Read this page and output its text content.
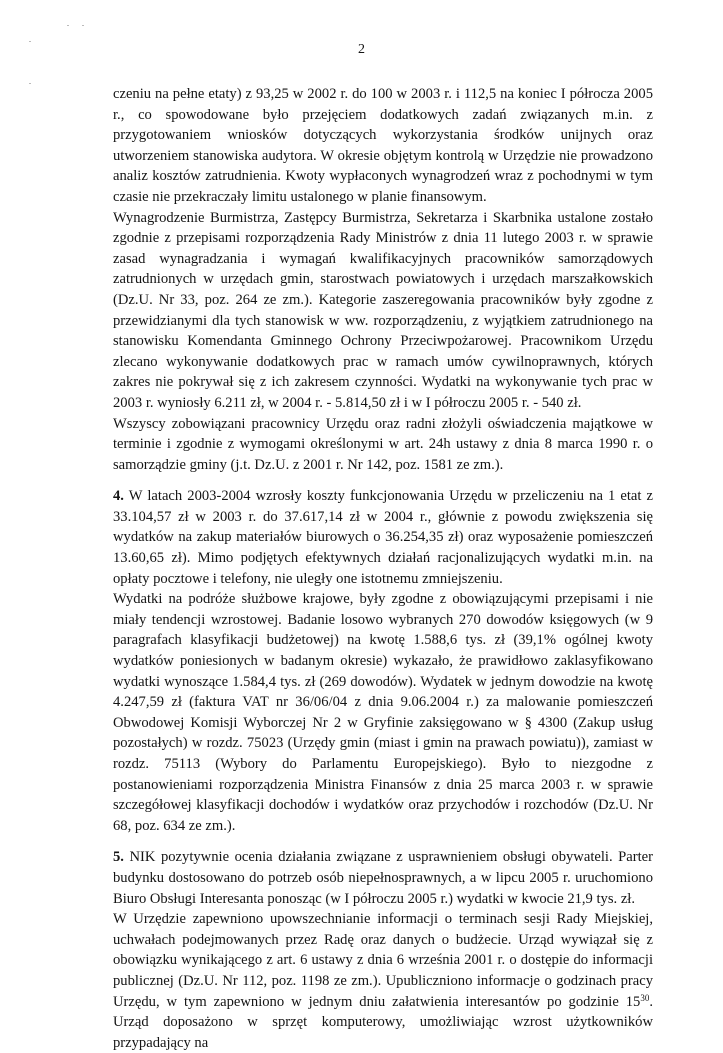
2

czeniu na pełne etaty) z 93,25 w 2002 r. do 100 w 2003 r. i 112,5 na koniec I półrocza 2005 r., co spowodowane było przejęciem dodatkowych zadań związanych m.in. z przygotowaniem wniosków dotyczących wykorzystania środków unijnych oraz utworzeniem stanowiska audytora. W okresie objętym kontrolą w Urzędzie nie prowadzono analiz kosztów zatrudnienia. Kwoty wypłaconych wynagrodzeń wraz z pochodnymi w tym czasie nie przekraczały limitu ustalonego w planie finansowym.

Wynagrodzenie Burmistrza, Zastępcy Burmistrza, Sekretarza i Skarbnika ustalone zostało zgodnie z przepisami rozporządzenia Rady Ministrów z dnia 11 lutego 2003 r. w sprawie zasad wynagradzania i wymagań kwalifikacyjnych pracowników samorządowych zatrudnionych w urzędach gmin, starostwach powiatowych i urzędach marszałkowskich (Dz.U. Nr 33, poz. 264 ze zm.). Kategorie zaszeregowania pracowników były zgodne z przewidzianymi dla tych stanowisk w ww. rozporządzeniu, z wyjątkiem zatrudnionego na stanowisku Komendanta Gminnego Ochrony Przeciwpożarowej. Pracownikom Urzędu zlecano wykonywanie dodatkowych prac w ramach umów cywilnoprawnych, których zakres nie pokrywał się z ich zakresem czynności. Wydatki na wykonywanie tych prac w 2003 r. wyniosły 6.211 zł, w 2004 r. - 5.814,50 zł i w I półroczu 2005 r. - 540 zł.

Wszyscy zobowiązani pracownicy Urzędu oraz radni złożyli oświadczenia majątkowe w terminie i zgodnie z wymogami określonymi w art. 24h ustawy z dnia 8 marca 1990 r. o samorządzie gminy (j.t. Dz.U. z 2001 r. Nr 142, poz. 1581 ze zm.).

4. W latach 2003-2004 wzrosły koszty funkcjonowania Urzędu w przeliczeniu na 1 etat z 33.104,57 zł w 2003 r. do 37.617,14 zł w 2004 r., głównie z powodu zwiększenia się wydatków na zakup materiałów biurowych o 36.254,35 zł) oraz wyposażenie pomieszczeń 13.60,65 zł). Mimo podjętych efektywnych działań racjonalizujących wydatki m.in. na opłaty pocztowe i telefony, nie uległy one istotnemu zmniejszeniu.

Wydatki na podróże służbowe krajowe, były zgodne z obowiązującymi przepisami i nie miały tendencji wzrostowej. Badanie losowo wybranych 270 dowodów księgowych (w 9 paragrafach klasyfikacji budżetowej) na kwotę 1.588,6 tys. zł (39,1% ogólnej kwoty wydatków poniesionych w badanym okresie) wykazało, że prawidłowo zaklasyfikowano wydatki wynoszące 1.584,4 tys. zł (269 dowodów). Wydatek w jednym dowodzie na kwotę 4.247,59 zł (faktura VAT nr 36/06/04 z dnia 9.06.2004 r.) za malowanie pomieszczeń Obwodowej Komisji Wyborczej Nr 2 w Gryfinie zaksięgowano w § 4300 (Zakup usług pozostałych) w rozdz. 75023 (Urzędy gmin (miast i gmin na prawach powiatu)), zamiast w rozdz. 75113 (Wybory do Parlamentu Europejskiego). Było to niezgodne z postanowieniami rozporządzenia Ministra Finansów z dnia 25 marca 2003 r. w sprawie szczegółowej klasyfikacji dochodów i wydatków oraz przychodów i rozchodów (Dz.U. Nr 68, poz. 634 ze zm.).

5. NIK pozytywnie ocenia działania związane z usprawnieniem obsługi obywateli. Parter budynku dostosowano do potrzeb osób niepełnosprawnych, a w lipcu 2005 r. uruchomiono Biuro Obsługi Interesanta ponosząc (w I półroczu 2005 r.) wydatki w kwocie 21,9 tys. zł.

W Urzędzie zapewniono upowszechnianie informacji o terminach sesji Rady Miejskiej, uchwałach podejmowanych przez Radę oraz danych o budżecie. Urząd wywiązał się z obowiązku wynikającego z art. 6 ustawy z dnia 6 września 2001 r. o dostępie do informacji publicznej (Dz.U. Nr 112, poz. 1198 ze zm.). Upubliczniono informacje o godzinach pracy Urzędu, w tym zapewniono w jednym dniu załatwienia interesantów po godzinie $15^{30}$. Urząd doposażono w sprzęt komputerowy, umożliwiając wzrost użytkowników przypadający na
